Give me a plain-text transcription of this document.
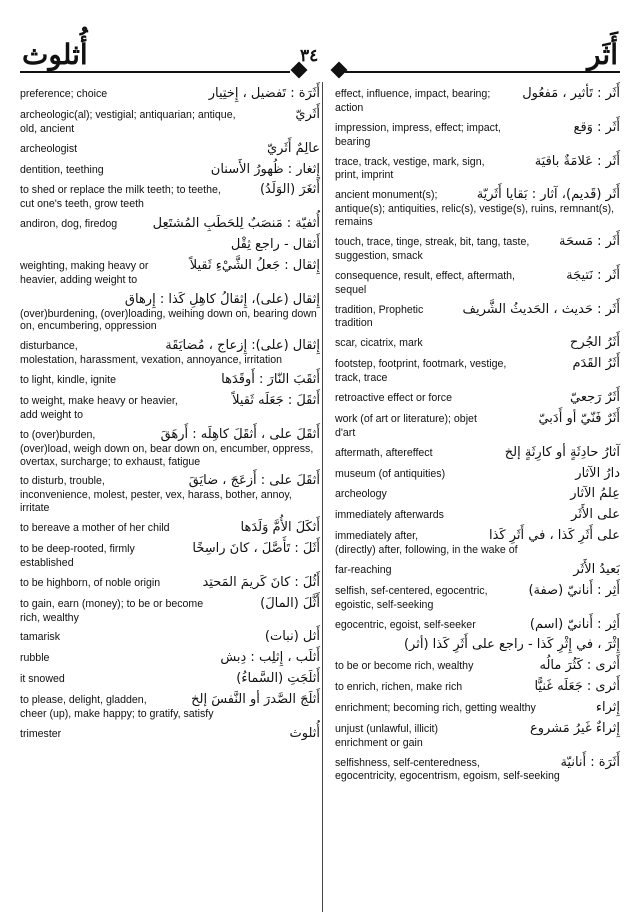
أُثلوث	٣٤	أَثَر
أَثَر : تَأثير ، مَفعُول
effect, influence, impact, bearing;
action
أَثَر : وَقع
impression, impress, effect; impact,
bearing
أَثَر : عَلامَةٌ باقيَة
trace, track, vestige, mark, sign,
print, imprint
أَثَر (قَديم)، آثار : بَقايا أَثَريّة
ancient monument(s);
antique(s); antiquities, relic(s), vestige(s), ruins, remnant(s), remains
أَثَر : مَسحَة
touch, trace, tinge, streak, bit, tang, taste,
suggestion, smack
أَثَر : نَتيجَة
consequence, result, effect, aftermath,
sequel
أَثَر : حَديث ، الحَديثُ الشَّريف
tradition, Prophetic
tradition
أَثَرُ الجُرح
scar, cicatrix, mark
أَثَرُ القَدَم
footstep, footprint, footmark, vestige,
track, trace
أَثَرٌ رَجعيّ
retroactive effect or force
أَثَرٌ فَنّيّ أو أَدَبيّ
work (of art or literature); objet
d'art
آثارُ حادِثَةٍ أو كارِثَةٍ إلخ
aftermath, aftereffect
دارُ الآثار
museum (of antiquities)
عِلمُ الآثار
archeology
على الأَثَر
immediately afterwards
على أَثَرِ كَذا ، في أَثَرِ كَذا
immediately after,
(directly) after, following, in the wake of
بَعيدُ الأَثَر
far-reaching
أَثِر : أَنانيّ (صفة)
selfish, sef-centered, egocentric,
egoistic, self-seeking
أَثِر : أَنانيّ (اسم)
egocentric, egoist, self-seeker
إِثْرَ ، في إِثْرِ كَذا - راجع على أَثَرِ كَذا (أثر)
أَثرى : كَثُرَ مالُه
to be or become rich, wealthy
أَثرى : جَعَلَه غَنيًّا
to enrich, richen, make rich
إِثراء
enrichment; becoming rich, getting wealthy
إِثراءٌ غَيرُ مَشروع
unjust (unlawful, illicit)
enrichment or gain
أَثَرَة : أَنانيّة
selfishness, self-centeredness,
egocentricity, egocentrism, egoism, self-seeking
أَثَرَة : تَفضيل ، إِختِيار
preference; choice
أَثَريّ
archeologic(al); vestigial; antiquarian; antique,
old, ancient
عالِمٌ أَثَريّ
archeologist
إِثغار : ظُهورُ الأَسنان
dentition, teething
أَثغَرَ (الوَلَدُ)
to shed or replace the milk teeth; to teethe,
cut one's teeth, grow teeth
أُثفيّة : مَنصَبٌ لِلحَطَبِ المُشتَعِل
andiron, dog, firedog
أَثقال - راجع ثِقْل
إِثقال : جَعلُ الشَّيْءِ ثَقيلاً
weighting, making heavy or
heavier, adding weight to
إِثقال (على)، إِثقالُ كاهِلِ كَذا : إِرهاق
(over)burdening, (over)loading, weihing down on, bearing down on, encumbering, oppression
إِثقال (على): إِزعاج ، مُضايَقَة
disturbance,
molestation, harassment, vexation, annoyance, irritation
أَثقَبَ النّارَ : أَوقَدَها
to light, kindle, ignite
أَثقَلَ : جَعَلَه ثَقيلاً
to weight, make heavy or heavier,
add weight to
أَثقَلَ على ، أَثقَلَ كاهِلَه : أَرهَقَ
to (over)burden,
(over)load, weigh down on, bear down on, encumber, oppress, overtax, surcharge; to exhaust, fatigue
أَثقَلَ على : أَزعَجَ ، ضايَقَ
to disturb, trouble,
inconvenience, molest, pester, vex, harass, bother, annoy, irritate
أَثكَلَ الأُمَّ وَلَدَها
to bereave a mother of her child
أَثَلَ : تَأَصَّلَ ، كانَ راسِخًا
to be deep-rooted, firmly
established
أَثُلَ : كانَ كَريمَ المَحتِد
to be highborn, of noble origin
أَثَّلَ (المالَ)
to gain, earn (money); to be or become
rich, wealthy
أَثل (نبات)
tamarisk
أَثلَب ، إِثلِب : دِبش
rubble
أَثلَجَتِ (السَّماءُ)
it snowed
أَثلَجَ الصَّدرَ أو النَّفسَ إلخ
to please, delight, gladden,
cheer (up), make happy; to gratify, satisfy
أُثلوث
trimester
